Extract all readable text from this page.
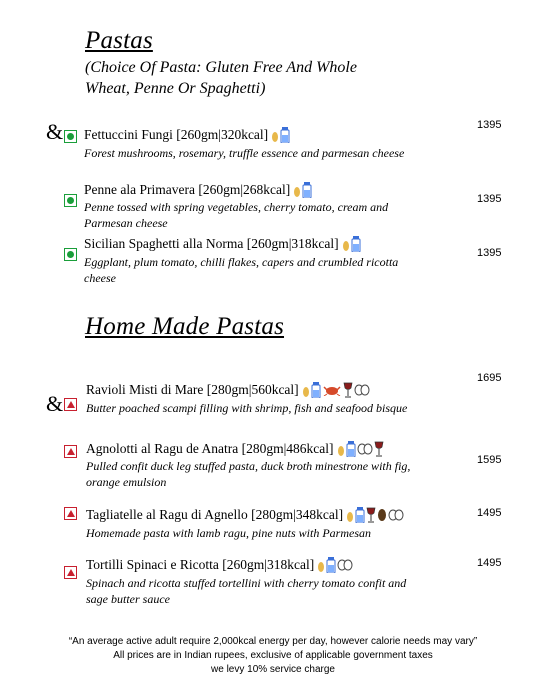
Pastas
(Choice Of Pasta: Gluten Free And Whole Wheat, Penne Or Spaghetti)
& Fettuccini Fungi [260gm|320kcal]
Forest mushrooms, rosemary, truffle essence and parmesan cheese
1395
Penne ala Primavera [260gm|268kcal]
Penne tossed with spring vegetables, cherry tomato, cream and Parmesan cheese
1395
Sicilian Spaghetti alla Norma [260gm|318kcal]
Eggplant, plum tomato, chilli flakes, capers and crumbled ricotta cheese
1395
Home Made Pastas
&
Ravioli Misti di Mare [280gm|560kcal]
Butter poached scampi filling with shrimp, fish and seafood bisque
1695
Agnolotti al Ragu de Anatra [280gm|486kcal]
Pulled confit duck leg stuffed pasta, duck broth minestrone with fig, orange emulsion
1595
Tagliatelle al Ragu di Agnello [280gm|348kcal]
Homemade pasta with lamb ragu, pine nuts with Parmesan
1495
Tortilli Spinaci e Ricotta [260gm|318kcal]
Spinach and ricotta stuffed tortellini with cherry tomato confit and sage butter sauce
1495
“An average active adult require 2,000kcal energy per day, however calorie needs may vary”
All prices are in Indian rupees, exclusive of applicable government taxes
we levy 10% service charge
